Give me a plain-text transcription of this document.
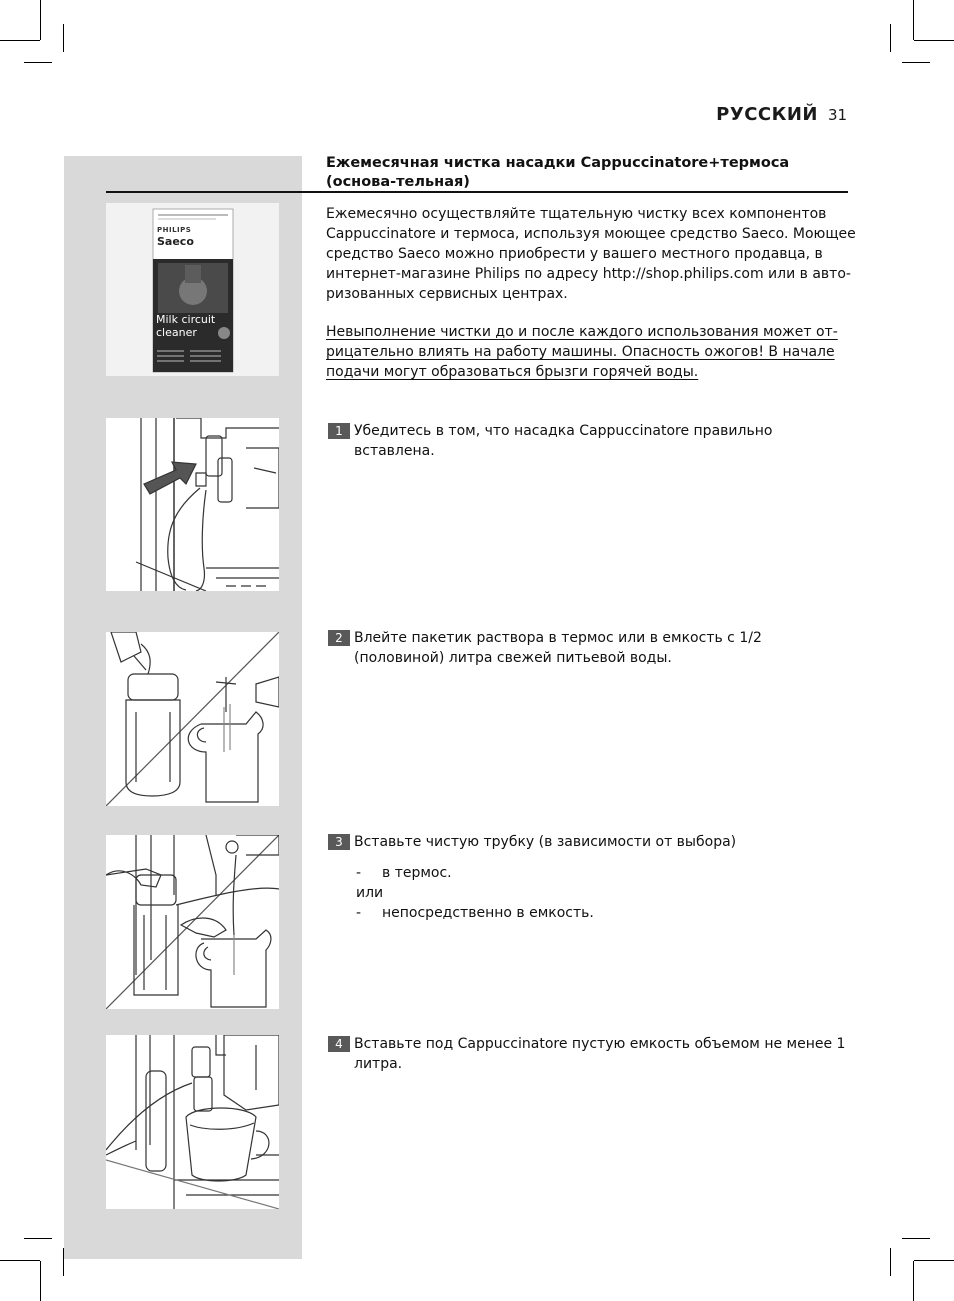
РУССКИЙ 31
Ежемесячная чистка насадки Cappuccinatore+термоса (основа-тельная)
Ежемесячно осуществляйте тщательную чистку всех компонентов Cappuccinatore и термоса, используя моющее средство Saeco. Моющее средство Saeco можно приобрести у вашего местного продавца, в интернет-магазине Philips по адресу http://shop.philips.com или в авто-ризованных сервисных центрах.
Невыполнение чистки до и после каждого использования может от-рицательно влиять на работу машины. Опасность ожогов! В начале подачи могут образоваться брызги горячей воды.
PHILIPS
Saeco
Milk circuit
cleaner
1 Убедитесь в том, что насадка Cappuccinatore правильно вставлена.
2 Влейте пакетик раствора в термос или в емкость с 1/2 (половиной) литра свежей питьевой воды.
3 Вставьте чистую трубку (в зависимости от выбора)
- в термос.
или
- непосредственно в емкость.
4 Вставьте под Cappuccinatore пустую емкость объемом не менее 1 литра.
